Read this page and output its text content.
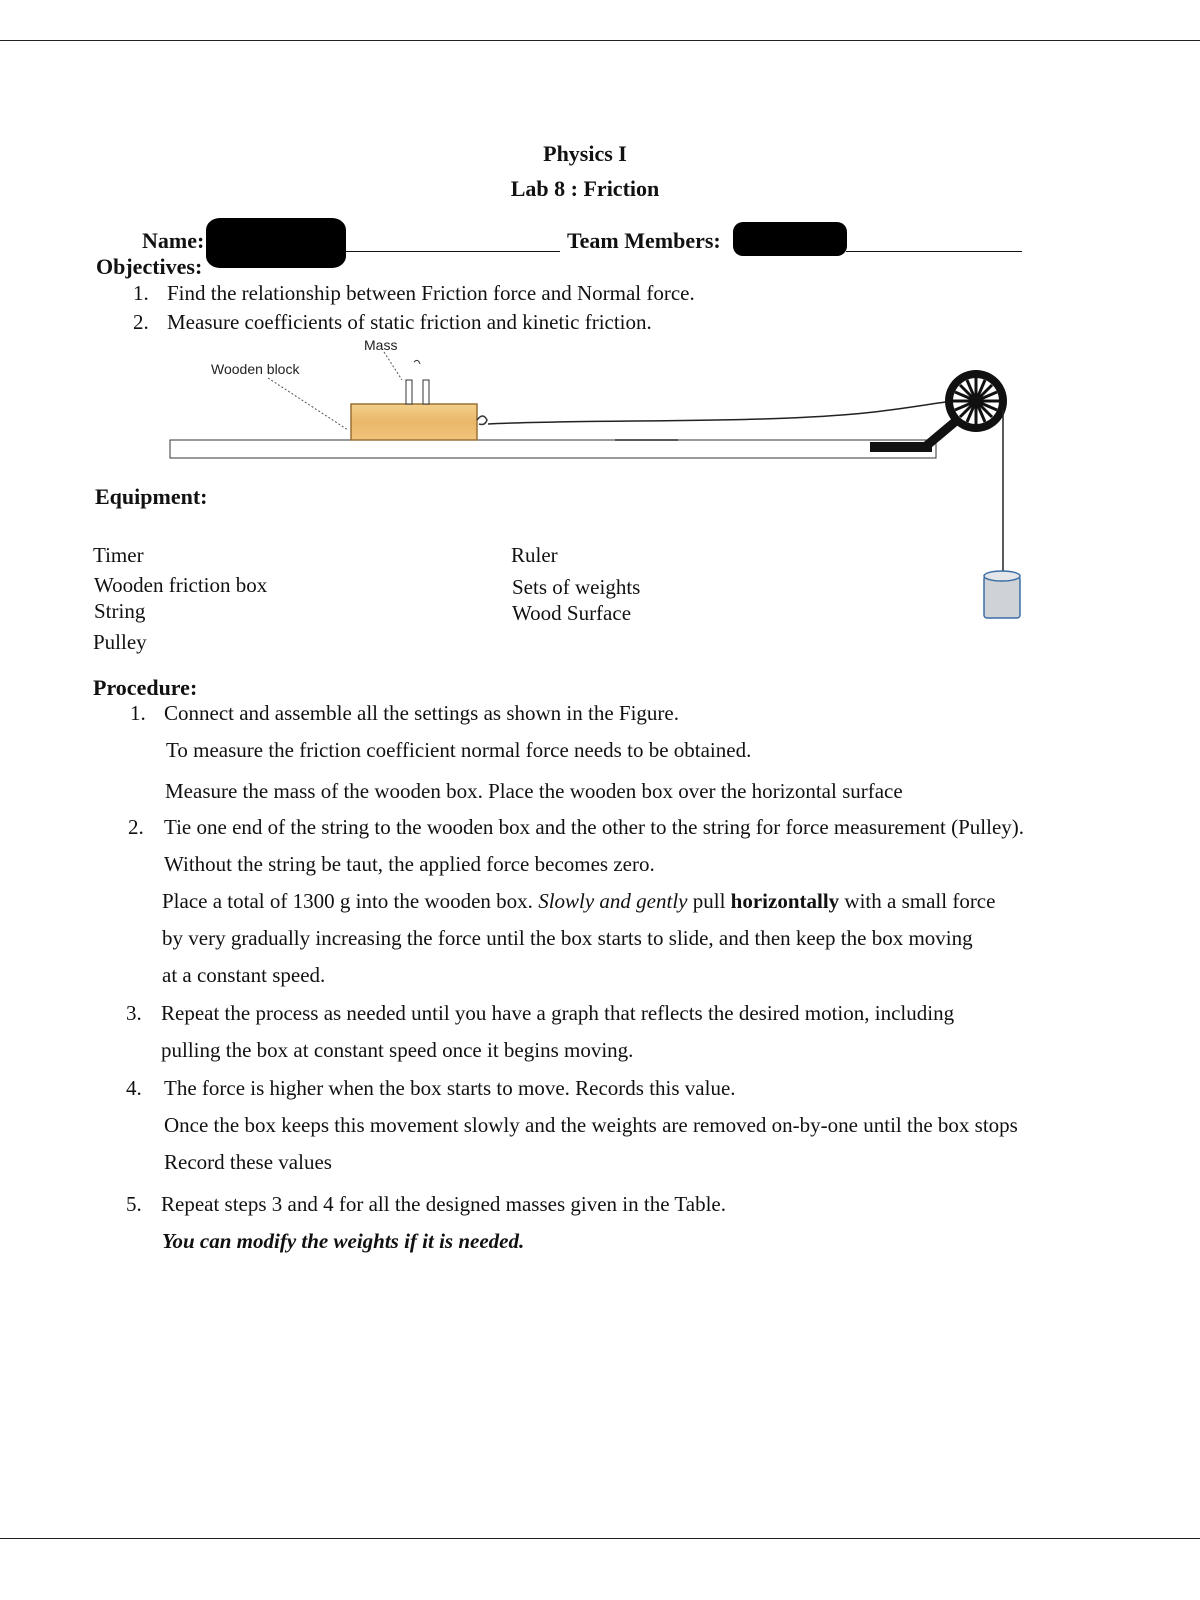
Physics I
Lab 8 : Friction
Name:	Team Members:
Objectives:
1. Find the relationship between Friction force and Normal force.
2. Measure coefficients of static friction and kinetic friction.
Mass
Wooden block
Equipment:
Timer
Wooden friction box
String
Pulley
Ruler
Sets of weights
Wood Surface
Procedure:
1. Connect and assemble all the settings as shown in the Figure.
To measure the friction coefficient normal force needs to be obtained.
Measure the mass of the wooden box. Place the wooden box over the horizontal surface
2. Tie one end of the string to the wooden box and the other to the string for force measurement (Pulley).
Without the string be taut, the applied force becomes zero.
Place a total of 1300 g into the wooden box. Slowly and gently pull horizontally with a small force
by very gradually increasing the force until the box starts to slide, and then keep the box moving
at a constant speed.
3. Repeat the process as needed until you have a graph that reflects the desired motion, including
pulling the box at constant speed once it begins moving.
4. The force is higher when the box starts to move. Records this value.
Once the box keeps this movement slowly and the weights are removed on-by-one until the box stops
Record these values
5. Repeat steps 3 and 4 for all the designed masses given in the Table.
You can modify the weights if it is needed.
